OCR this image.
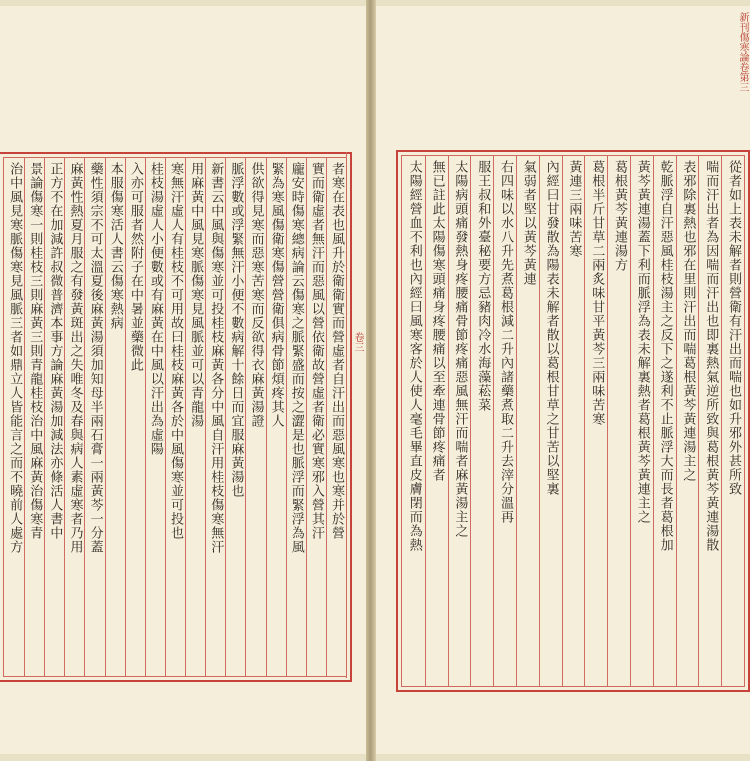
者寒在表也風升於衛衛實而營虛者自汗出而惡風寒也寒并於營
實而衛虛者無汗而惡風以營依衛故營虛者衛必實寒邪入營其汗
龐安時傷寒總病論云傷寒之脈緊盛而按之澀是也脈浮而緊浮為風
緊為寒風傷衛寒傷營營衛俱病骨節煩疼其人
供欲得見寒而惡寒苦寒而反欲得衣麻黃湯證
脈浮數或浮緊無汗小便不數病解十餘日而宜服麻黃湯也
新書云中風與傷寒並可投桂枝麻黃各分中風自汗用桂枝傷寒無汗
用麻黃中風見寒脈傷寒見風脈並可以青龍湯
寒無汗虛人有桂枝不可用故曰桂枝麻黃各於中風傷寒並可投也
桂枝湯虛人小便數或有麻黃在中風以汗出為虛陽
入亦可服者然附子在中暑並藥微此
本服傷寒活人書云傷寒熱病
藥性須宗不可太溫夏後麻黃湯須加知母半兩石膏一兩黃芩一分蓋
麻黃性熱夏月服之有發黃斑出之失唯冬及春與病人素虛寒者乃用
正方不在加減許叔微普濟本事方論麻黃湯加減法亦條活人書中
景論傷寒一則桂枝三則麻黃三則青龍桂枝治中風麻黃治傷寒青
治中風見寒脈傷寒見風脈三者如鼎立人皆能言之而不曉前人處方	卷三	從者如上表未解者則營衛有汗出而喘也如升邪外甚所致
喘而汗出者為因喘而汗出也即裏熱氣逆所致與葛根黃芩黃連湯散
表邪除裏熱也邪在里則汗出而喘葛根黃芩黃連湯主之
乾脈浮自汗惡風桂枝湯主之反下之遂利不止脈浮大而長者葛根加
黃芩黃連湯蓋下利而脈浮為表未解裏熱者葛根黃芩黃連主之
葛根黃芩黃連湯方
葛根半斤甘草二兩炙味甘平黃芩三兩味苦寒
黃連三兩味苦寒
內經曰甘發散為陽表未解者散以葛根甘草之甘苦以堅裏
氣弱者堅以黃芩黃連
右四味以水八升先煮葛根減二升內諸藥煮取二升去滓分溫再
服王叔和外臺秘要方忌豬肉冷水海藻菘菜
太陽病頭痛發熱身疼腰痛骨節疼痛惡風無汗而喘者麻黃湯主之
無已註此太陽傷寒頭痛身疼腰痛以至牽連骨節疼痛者
太陽經營血不利也內經曰風寒客於人使人毫毛畢直皮膚閉而為熱
新刊傷寒論卷第三
